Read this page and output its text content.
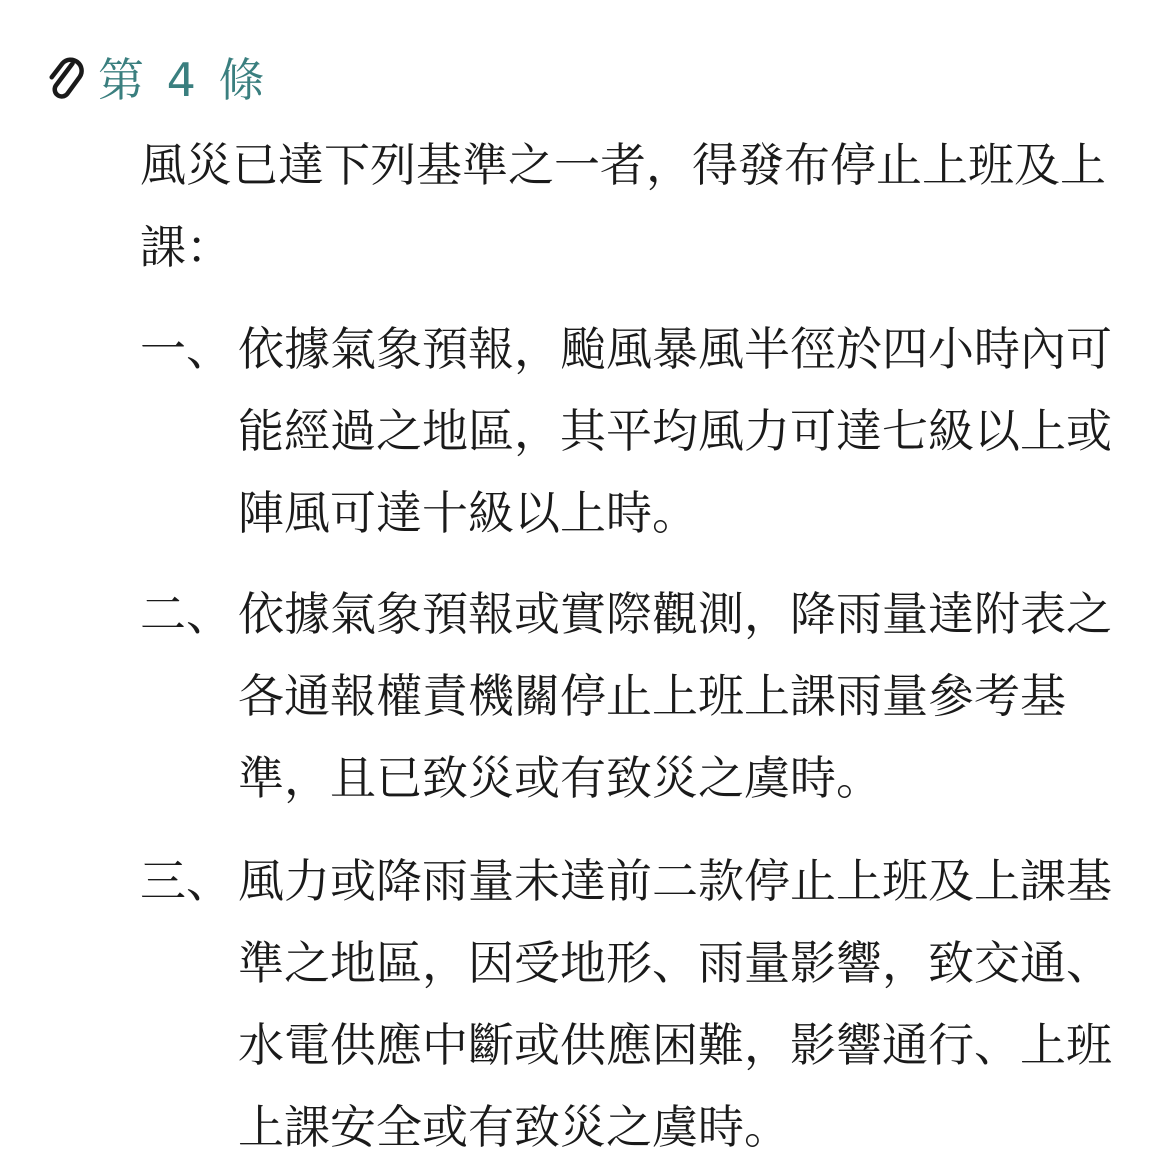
第 4 條

風災已達下列基準之一者，得發布停止上班及上課：

一、 依據氣象預報，颱風暴風半徑於四小時內可能經過之地區，其平均風力可達七級以上或陣風可達十級以上時。
二、 依據氣象預報或實際觀測，降雨量達附表之各通報權責機關停止上班上課雨量參考基準，且已致災或有致災之虞時。
三、 風力或降雨量未達前二款停止上班及上課基準之地區，因受地形、雨量影響，致交通、水電供應中斷或供應困難，影響通行、上班上課安全或有致災之虞時。
